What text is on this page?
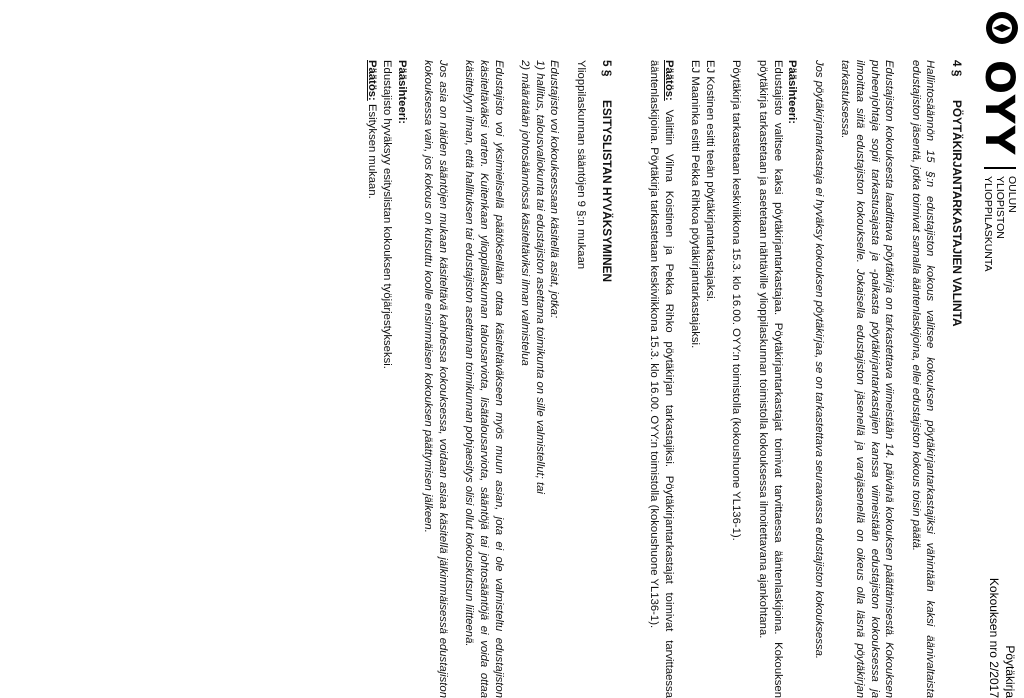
OYY
OULUN
YLIOPISTON
YLIOPPILASKUNTA
Pöytäkirja
Kokouksen nro 2/2017
4 §PÖYTÄKIRJANTARKASTAJIEN VALINTA

Hallintosäännön 15 §:n edustajiston kokous valitsee kokouksen pöytäkirjantarkastajiksi vähintään kaksi äänivaltaista edustajiston jäsentä, jotka toimivat samalla ääntenlaskijoina, ellei edustajiston kokous toisin päätä.

Edustajiston kokouksesta laadittava pöytäkirja on tarkastettava viimeistään 14. päivänä kokouksen päättämisestä. Kokouksen puheenjohtaja sopii tarkastusajasta ja -paikasta pöytäkirjantarkastajien kanssa viimeistään edustajiston kokouksessa ja ilmoittaa siitä edustajiston kokoukselle. Jokaisella edustajiston jäsenellä ja varajäsenellä on oikeus olla läsnä pöytäkirjan tarkastuksessa.

Jos pöytäkirjantarkastaja ei hyväksy kokouksen pöytäkirjaa, se on tarkastettava seuraavassa edustajiston kokouksessa.

Pääsihteeri:

Edustajisto valitsee kaksi pöytäkirjantarkastajaa. Pöytäkirjantarkastajat toimivat tarvittaessa ääntenlaskijoina. Kokouksen pöytäkirja tarkastetaan ja asetetaan nähtäville ylioppilaskunnan toimistolla kokouksessa ilmoitettavana ajankohtana.

Pöytäkirja tarkastetaan keskiviikkona 15.3. klo 16.00. OYY:n toimistolla (kokoushuone YL136-1).

EJ Kostinen esitti teeän pöytäkirjantarkastajaksi.

EJ Maaninka esitti Pekka Rihkoa pöytäkirjantarkastajaksi.

Päätös: Valittiin Vilma Koistinen ja Pekka Rihko pöytäkirjan tarkastajiksi. Pöytäkirjantarkastajat toimivat tarvittaessa ääntenlaskijoina. Pöytäkirja tarkastetaan keskiviikkona 15.3. klo 16.00. OYY:n toimistolla (kokoushuone YL136-1).

5 §ESITYSLISTAN HYVÄKSYMINEN

Ylioppilaskunnan sääntöjen 9 §:n mukaan

Edustajisto voi kokouksessaan käsitellä asiat, jotka:
1) hallitus, talousvaliokunta tai edustajiston asettama toimikunta on sille valmistellut; tai

2) määrätään johtosäännössä käsiteltäviksi ilman valmistelua

Edustajisto voi yksimielisellä päätöksellään ottaa käsiteltäväkseen myös muun asian, jota ei ole valmisteltu edustajiston käsiteltäväksi varten. Kuitenkaan ylioppilaskunnan talousarviota, lisätalousarviota, sääntöjä tai johtosääntöjä ei voida ottaa käsittelyyn ilman, että hallituksen tai edustajiston asettaman toimikunnan pohjaesitys olisi ollut kokouskutsun liitteenä.

Jos asia on näiden sääntöjen mukaan käsiteltävä kahdessa kokouksessa, voidaan asiaa käsitellä jälkimmäisessä edustajiston kokouksessa vain, jos kokous on kutsuttu koolle ensimmäisen kokouksen päättymisen jälkeen.

Pääsihteeri:
Edustajisto hyväksyy esityslistan kokouksen työjärjestykseksi.

Päätös: Esityksen mukaan.
